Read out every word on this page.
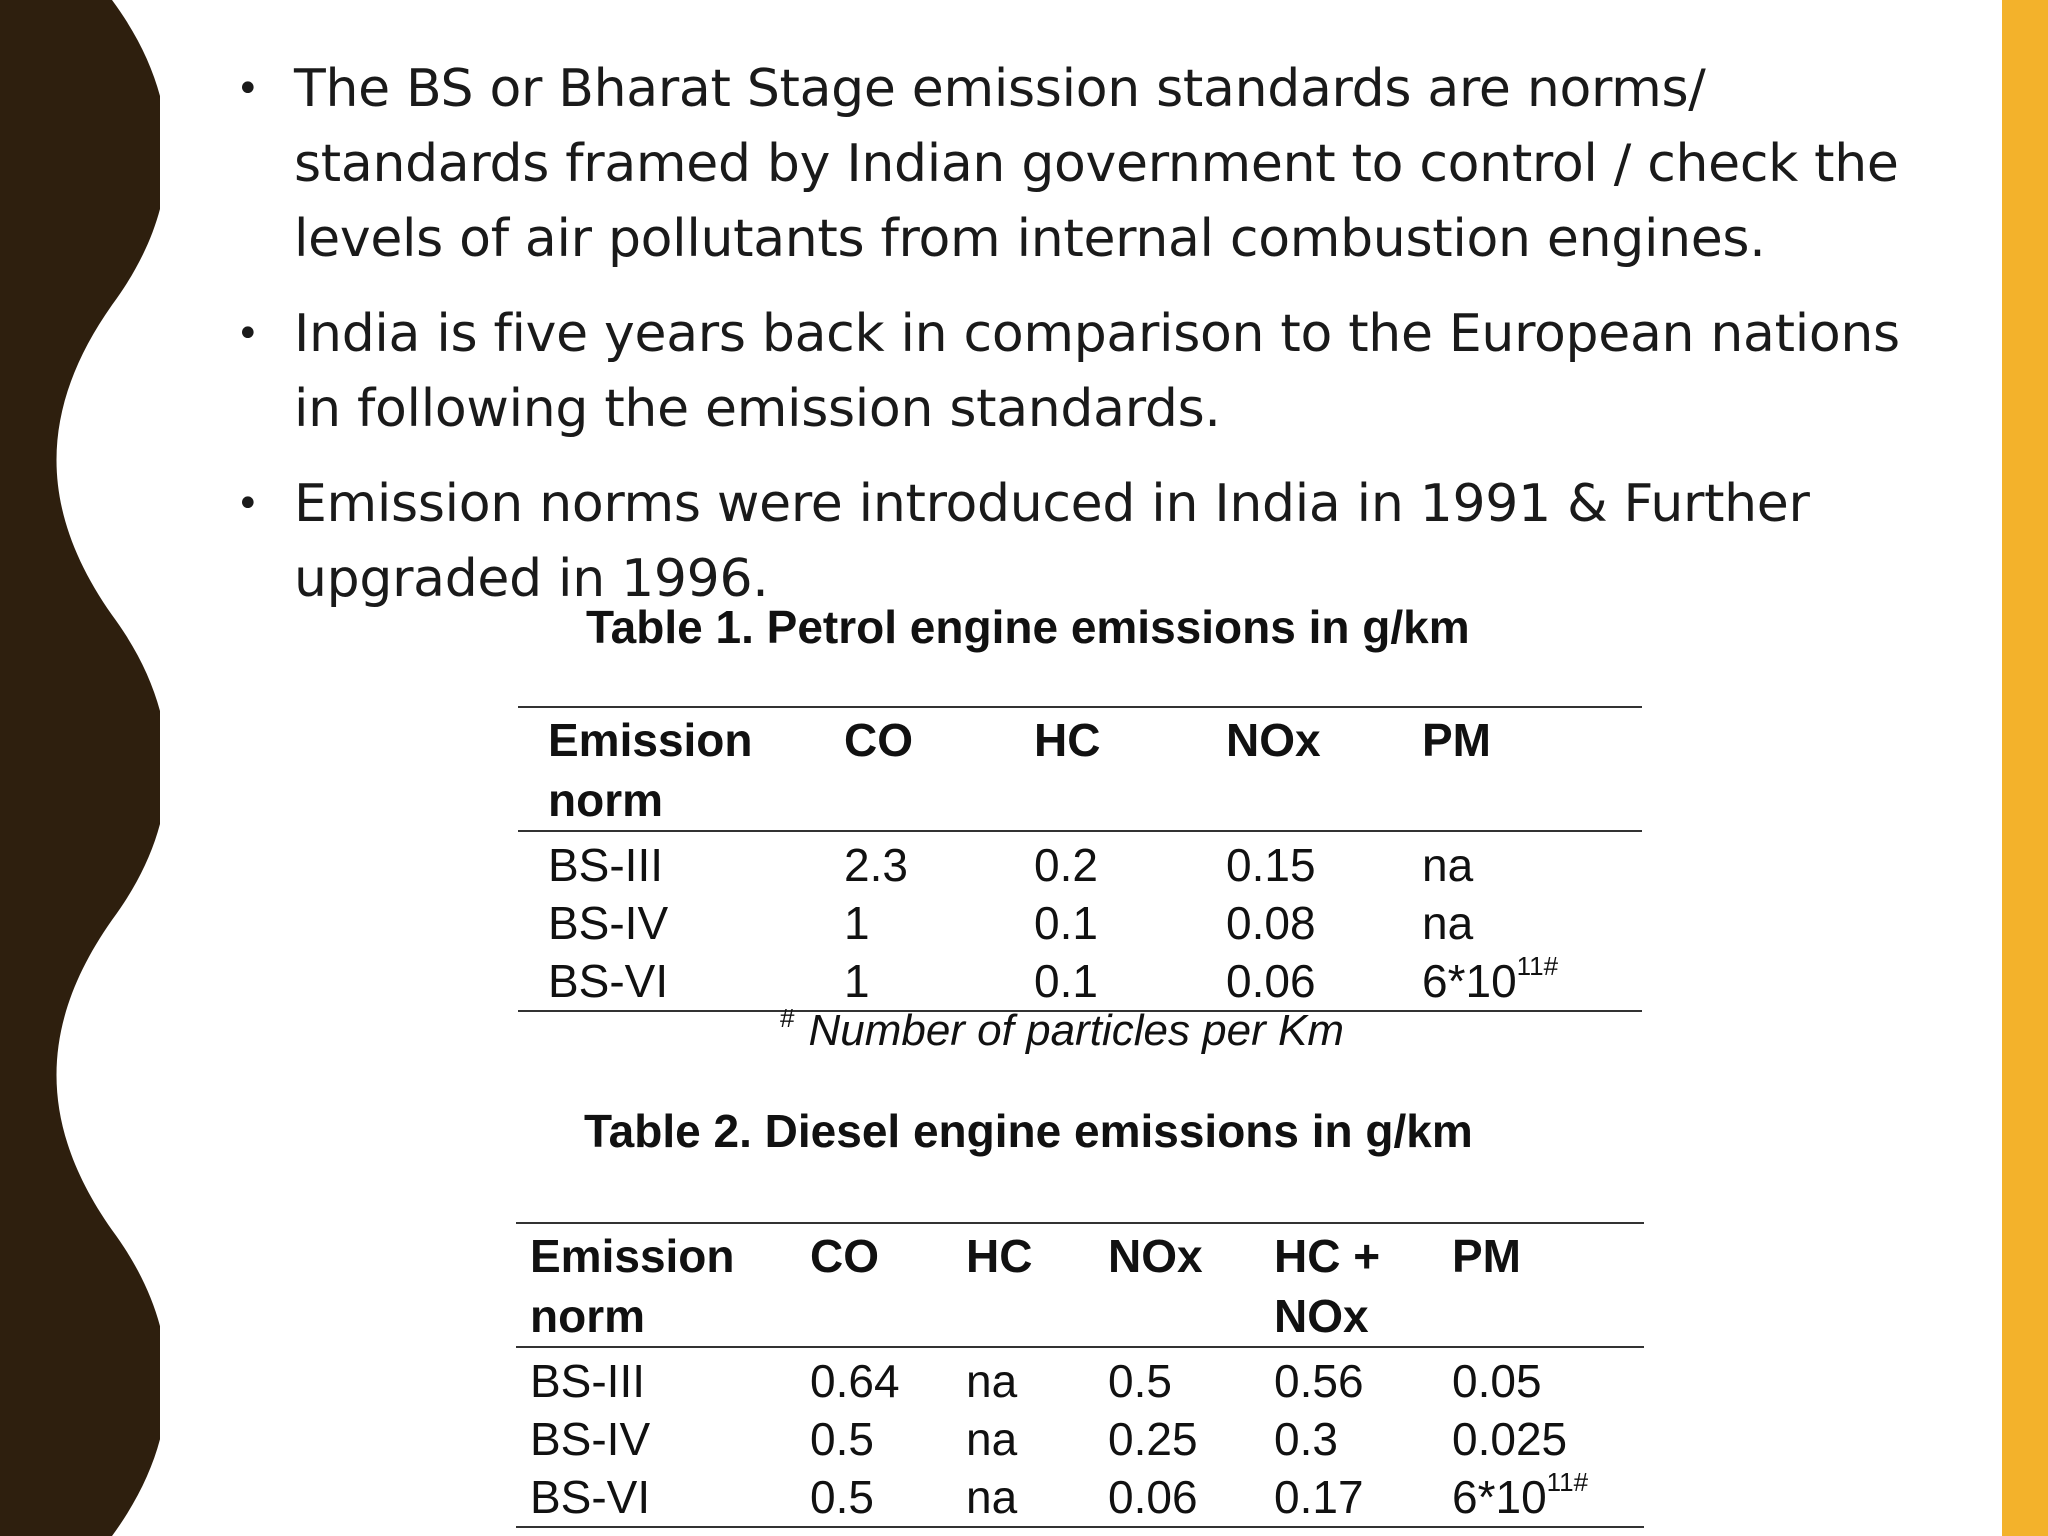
• The BS or Bharat Stage emission standards are norms/ standards framed by Indian government to control / check the levels of air pollutants from internal combustion engines.
• India is five years back in comparison to the European nations in following the emission standards.
• Emission norms were introduced in India in 1991 & Further upgraded in 1996.
Table 1. Petrol engine emissions in g/km
Emission norm	CO	HC	NOx	PM
BS-III	2.3	0.2	0.15	na
BS-IV	1	0.1	0.08	na
BS-VI	1	0.1	0.06	$6*10^{11\#}$
# Number of particles per Km
Table 2. Diesel engine emissions in g/km
Emission norm	CO	HC	NOx	HC + NOx	PM
BS-III	0.64	na	0.5	0.56	0.05
BS-IV	0.5	na	0.25	0.3	0.025
BS-VI	0.5	na	0.06	0.17	$6*10^{11\#}$
